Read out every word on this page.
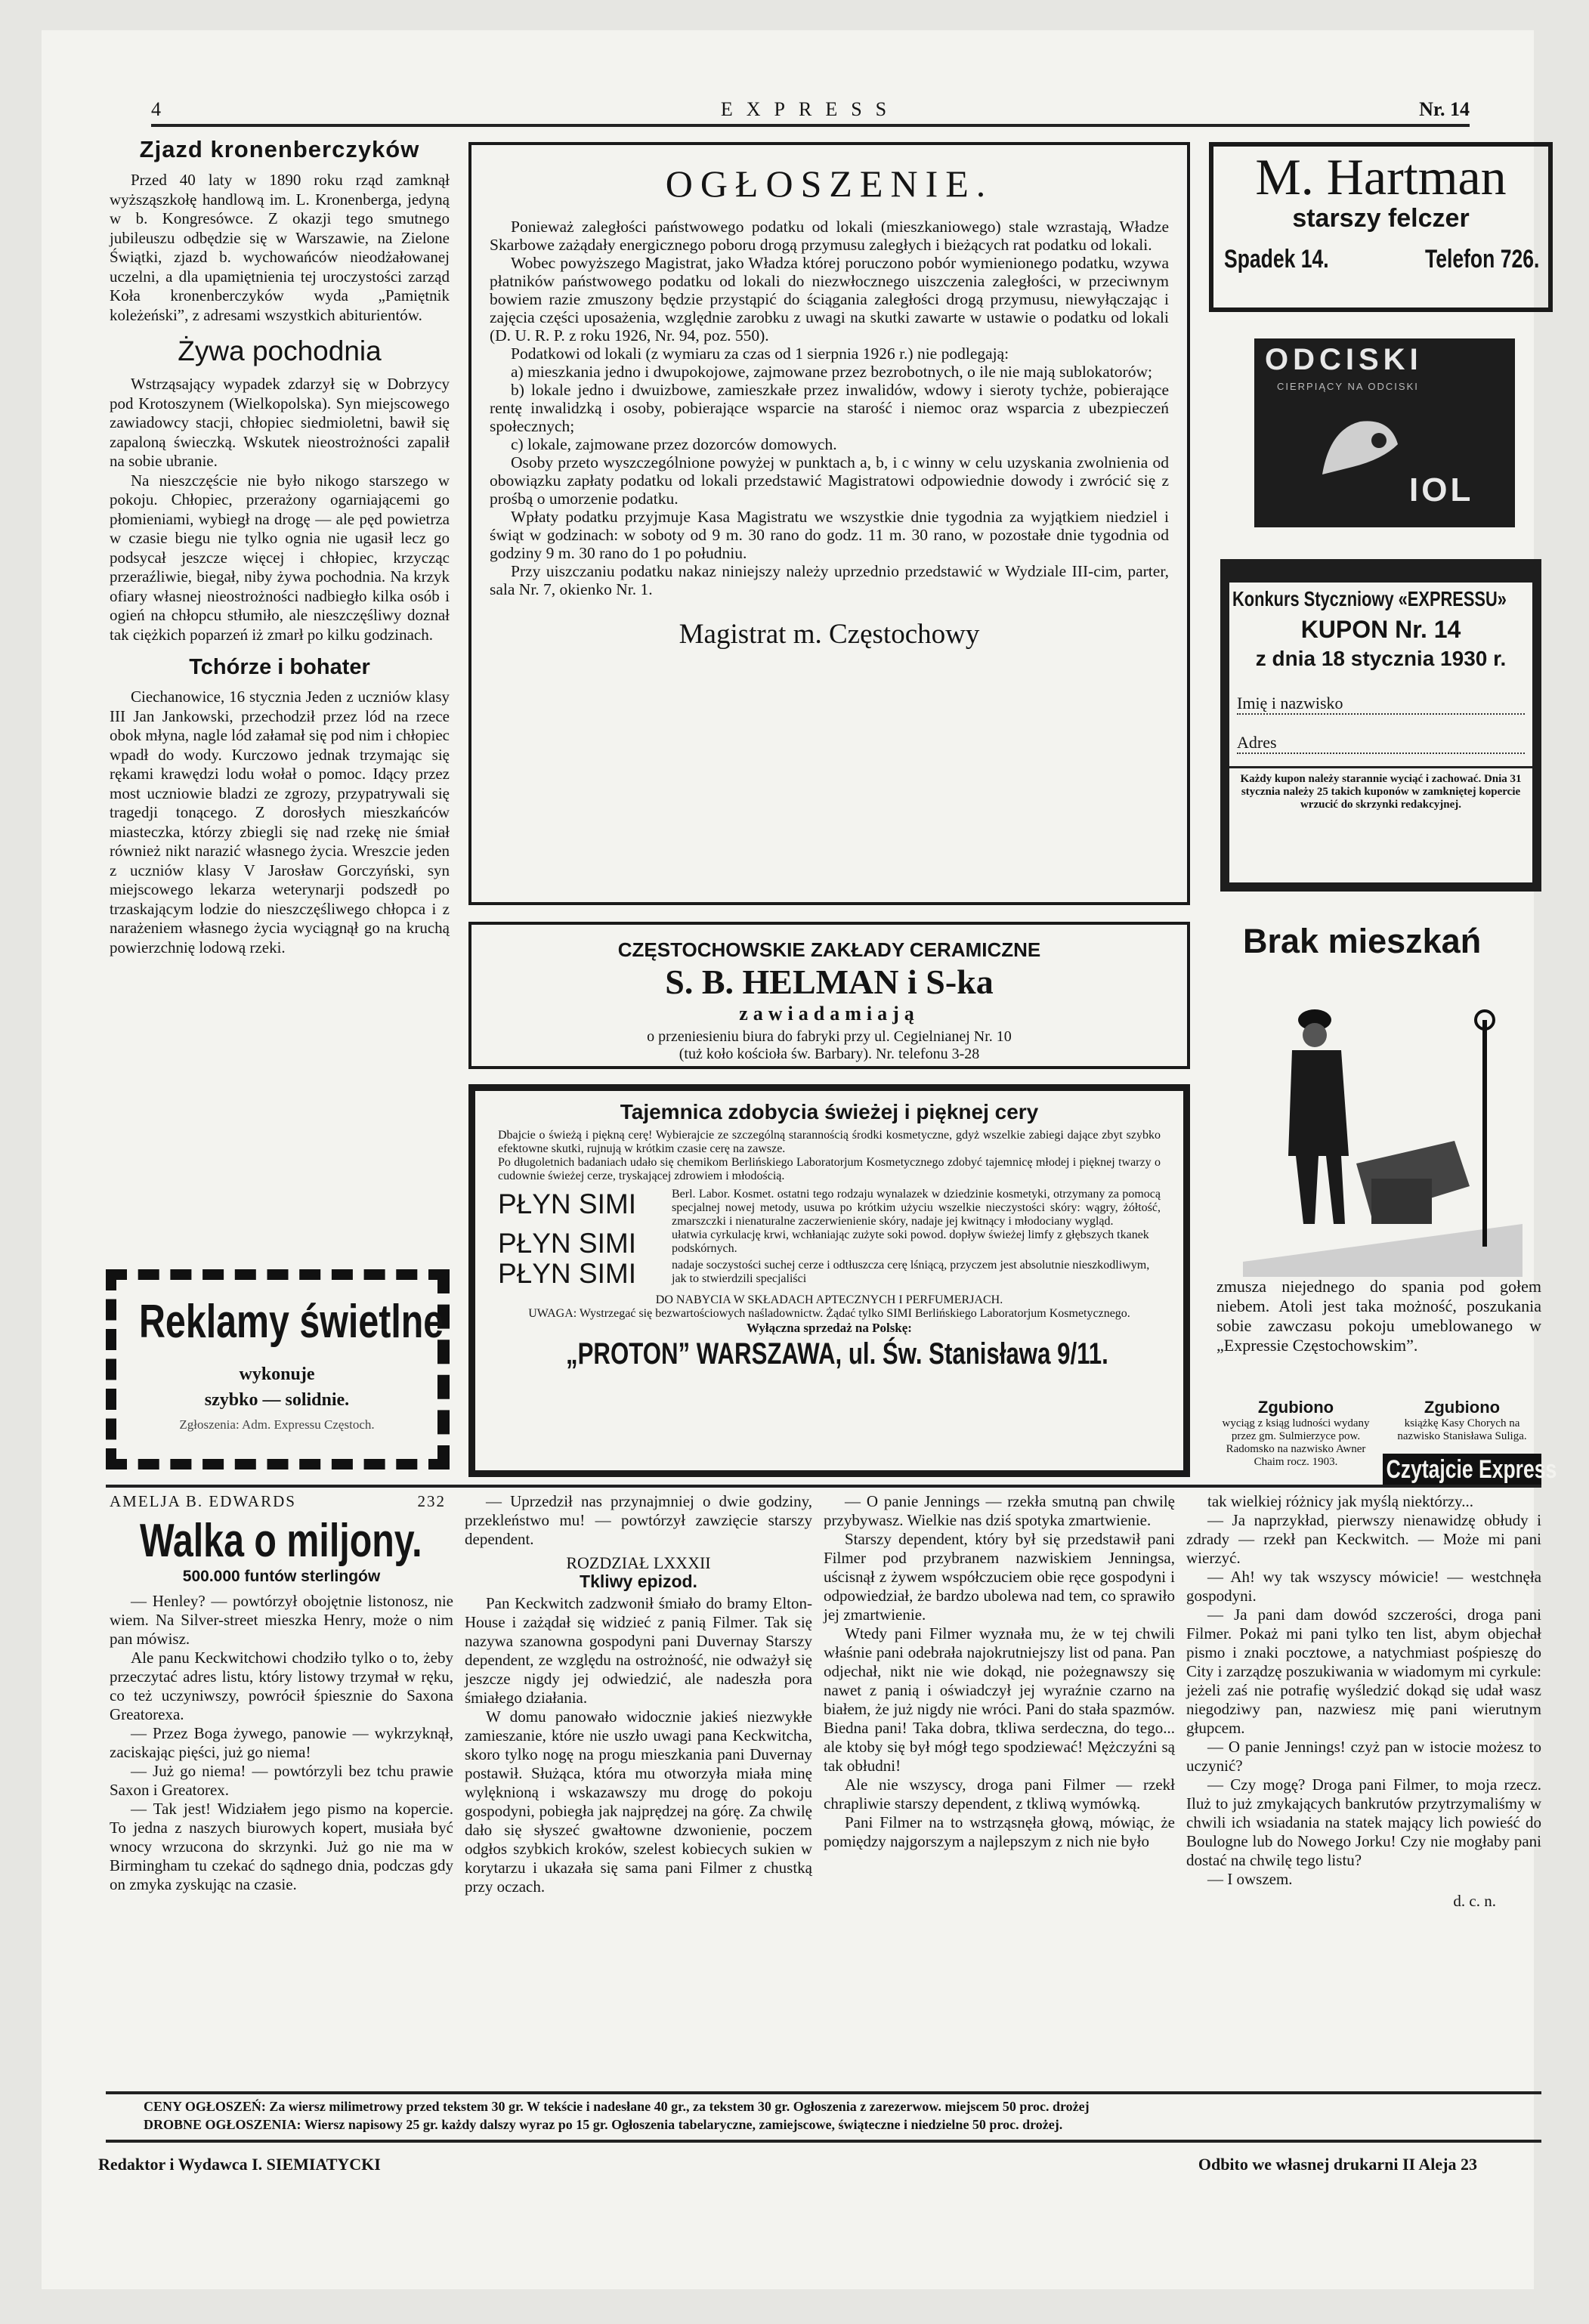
4	EXPRESS	Nr. 14
Zjazd kronenberczyków

Przed 40 laty w 1890 roku rząd zamknął wyższąszkołę handlową im. L. Kronenberga, jedyną w b. Kongresówce. Z okazji tego smutnego jubileuszu odbędzie się w Warszawie, na Zielone Świątki, zjazd b. wychowańców nieodżałowanej uczelni, a dla upamiętnienia tej uroczystości zarząd Koła kronenberczyków wyda „Pamiętnik koleżeński”, z adresami wszystkich abiturientów.

Żywa pochodnia

Wstrząsający wypadek zdarzył się w Dobrzycy pod Krotoszynem (Wielkopolska). Syn miejscowego zawiadowcy stacji, chłopiec siedmioletni, bawił się zapaloną świeczką. Wskutek nieostrożności zapalił na sobie ubranie.

Na nieszczęście nie było nikogo starszego w pokoju. Chłopiec, przerażony ogarniającemi go płomieniami, wybiegł na drogę — ale pęd powietrza w czasie biegu nie tylko ognia nie ugasił lecz go podsycał jeszcze więcej i chłopiec, krzycząc przeraźliwie, biegał, niby żywa pochodnia. Na krzyk ofiary własnej nieostrożności nadbiegło kilka osób i ogień na chłopcu stłumiło, ale nieszczęśliwy doznał tak ciężkich poparzeń iż zmarł po kilku godzinach.

Tchórze i bohater

Ciechanowice, 16 stycznia Jeden z uczniów klasy III Jan Jankowski, przechodził przez lód na rzece obok młyna, nagle lód załamał się pod nim i chłopiec wpadł do wody. Kurczowo jednak trzymając się rękami krawędzi lodu wołał o pomoc. Idący przez most uczniowie bladzi ze zgrozy, przypatrywali się tragedji tonącego. Z dorosłych mieszkańców miasteczka, którzy zbiegli się nad rzekę nie śmiał również nikt narazić własnego życia. Wreszcie jeden z uczniów klasy V Jarosław Gorczyński, syn miejscowego lekarza weterynarji podszedł po trzaskającym lodzie do nieszczęśliwego chłopca i z narażeniem własnego życia wyciągnął go na kruchą powierzchnię lodową rzeki.

Reklamy świetlne
wykonuje
szybko — solidnie.
Zgłoszenia: Adm. Expressu Częstoch.
OGŁOSZENIE.

Ponieważ zaległości państwowego podatku od lokali (mieszkaniowego) stale wzrastają, Władze Skarbowe zażądały energicznego poboru drogą przymusu zaległych i bieżących rat podatku od lokali.

Wobec powyższego Magistrat, jako Władza której poruczono pobór wymienionego podatku, wzywa płatników państwowego podatku od lokali do niezwłocznego uiszczenia zaległości, w przeciwnym bowiem razie zmuszony będzie przystąpić do ściągania zaległości drogą przymusu, niewyłączając i zajęcia części uposażenia, względnie zarobku z uwagi na skutki zawarte w ustawie o podatku od lokali (D. U. R. P. z roku 1926, Nr. 94, poz. 550).

Podatkowi od lokali (z wymiaru za czas od 1 sierpnia 1926 r.) nie podlegają:

a) mieszkania jedno i dwupokojowe, zajmowane przez bezrobotnych, o ile nie mają sublokatorów;

b) lokale jedno i dwuizbowe, zamieszkałe przez inwalidów, wdowy i sieroty tychże, pobierające rentę inwalidzką i osoby, pobierające wsparcie na starość i niemoc oraz wsparcia z ubezpieczeń społecznych;

c) lokale, zajmowane przez dozorców domowych.

Osoby przeto wyszczególnione powyżej w punktach a, b, i c winny w celu uzyskania zwolnienia od obowiązku zapłaty podatku od lokali przedstawić Magistratowi odpowiednie dowody i zwrócić się z prośbą o umorzenie podatku.

Wpłaty podatku przyjmuje Kasa Magistratu we wszystkie dnie tygodnia za wyjątkiem niedziel i świąt w godzinach: w soboty od 9 m. 30 rano do godz. 11 m. 30 rano, w pozostałe dnie tygodnia od godziny 9 m. 30 rano do 1 po południu.

Przy uiszczaniu podatku nakaz niniejszy należy uprzednio przedstawić w Wydziale III-cim, parter, sala Nr. 7, okienko Nr. 1.

Magistrat m. Częstochowy
CZĘSTOCHOWSKIE ZAKŁADY CERAMICZNE
S. B. HELMAN i S-ka
zawiadamiają
o przeniesieniu biura do fabryki przy ul. Cegielnianej Nr. 10
(tuż koło kościoła św. Barbary). Nr. telefonu 3-28
Tajemnica zdobycia świeżej i pięknej cery

Dbajcie o świeżą i piękną cerę! Wybierajcie ze szczególną starannością środki kosmetyczne, gdyż wszelkie zabiegi dające zbyt szybko efektowne skutki, rujnują w krótkim czasie cerę na zawsze.

Po długoletnich badaniach udało się chemikom Berlińskiego Laboratorjum Kosmetycznego zdobyć tajemnicę młodej i pięknej twarzy o cudownie świeżej cerze, tryskającej zdrowiem i młodością.

PŁYN SIMI	Berl. Labor. Kosmet. ostatni tego rodzaju wynalazek w dziedzinie kosmetyki, otrzymany za pomocą specjalnej nowej metody, usuwa po krótkim użyciu wszelkie nieczystości skóry: wągry, żółtość, zmarszczki i nienaturalne zaczerwienienie skóry, nadaje jej kwitnący i młodociany wygląd.

PŁYN SIMI	ułatwia cyrkulację krwi, wchłaniając zużyte soki powod. dopływ świeżej limfy z głębszych tkanek podskórnych.

PŁYN SIMI	nadaje soczystości suchej cerze i odtłuszcza cerę lśniącą, przyczem jest absolutnie nieszkodliwym, jak to stwierdzili specjaliści

DO NABYCIA W SKŁADACH APTECZNYCH I PERFUMERJACH.
UWAGA: Wystrzegać się bezwartościowych naśladownictw. Żądać tylko SIMI Berlińskiego Laboratorjum Kosmetycznego.
Wyłączna sprzedaż na Polskę:
„PROTON” WARSZAWA, ul. Św. Stanisława 9/11.
M. Hartman
starszy felczer
Spadek 14.	Telefon 726.
ODCISKI
CIERPIĄCY NA ODCISKI
IOL
Konkurs Styczniowy «EXPRESSU»
KUPON Nr. 14
z dnia 18 stycznia 1930 r.
Imię i nazwisko
Adres

Każdy kupon należy starannie wyciąć i zachować. Dnia 31 stycznia należy 25 takich kuponów w zamkniętej kopercie wrzucić do skrzynki redakcyjnej.

Brak mieszkań

zmusza niejednego do spania pod gołem niebem. Atoli jest taka możność, poszukania sobie zawczasu pokoju umeblowanego w „Expressie Częstochowskim”.

Zgubiono

wyciąg z ksiąg ludności wydany przez gm. Sulmierzyce pow. Radomsko na nazwisko Awner Chaim rocz. 1903.

Zgubiono

książkę Kasy Chorych na nazwisko Stanisława Suliga.

Czytajcie Express
AMELJA B. EDWARDS	232
Walka o miljony.
500.000 funtów sterlingów

— Henley? — powtórzył obojętnie listonosz, nie wiem. Na Silver-street mieszka Henry, może o nim pan mówisz.

Ale panu Keckwitchowi chodziło tylko o to, żeby przeczytać adres listu, który listowy trzymał w ręku, co też uczyniwszy, powrócił śpiesznie do Saxona Greatorexa.

— Przez Boga żywego, panowie — wykrzyknął, zaciskając pięści, już go niema!

— Już go niema! — powtórzyli bez tchu prawie Saxon i Greatorex.

— Tak jest! Widziałem jego pismo na kopercie. To jedna z naszych biurowych kopert, musiała być wnocy wrzucona do skrzynki. Już go nie ma w Birmingham tu czekać do sądnego dnia, podczas gdy on zmyka zyskując na czasie.

— Uprzedził nas przynajmniej o dwie godziny, przekleństwo mu! — powtórzył zawzięcie starszy dependent.

ROZDZIAŁ LXXXII
Tkliwy epizod.

Pan Keckwitch zadzwonił śmiało do bramy Elton-House i zażądał się widzieć z panią Filmer. Tak się nazywa szanowna gospodyni pani Duvernay Starszy dependent, ze względu na ostrożność, nie odważył się jeszcze nigdy jej odwiedzić, ale nadeszła pora śmiałego działania.

W domu panowało widocznie jakieś niezwykłe zamieszanie, które nie uszło uwagi pana Keckwitcha, skoro tylko nogę na progu mieszkania pani Duvernay postawił. Służąca, która mu otworzyła miała minę wylęknioną i wskazawszy mu drogę do pokoju gospodyni, pobiegła jak najprędzej na górę. Za chwilę dało się słyszeć gwałtowne dzwonienie, poczem odgłos szybkich kroków, szelest kobiecych sukien w korytarzu i ukazała się sama pani Filmer z chustką przy oczach.

— O panie Jennings — rzekła smutną pan chwilę przybywasz. Wielkie nas dziś spotyka zmartwienie.

Starszy dependent, który był się przedstawił pani Filmer pod przybranem nazwiskiem Jenningsa, uścisnął z żywem współczuciem obie ręce gospodyni i odpowiedział, że bardzo ubolewa nad tem, co sprawiło jej zmartwienie.

Wtedy pani Filmer wyznała mu, że w tej chwili właśnie pani odebrała najokrutniejszy list od pana. Pan odjechał, nikt nie wie dokąd, nie pożegnawszy się nawet z panią i oświadczył jej wyraźnie czarno na białem, że już nigdy nie wróci. Pani do stała spazmów. Biedna pani! Taka dobra, tkliwa serdeczna, do tego... ale ktoby się był mógł tego spodziewać! Mężczyźni są tak obłudni!

Ale nie wszyscy, droga pani Filmer — rzekł chrapliwie starszy dependent, z tkliwą wymówką.

Pani Filmer na to wstrząsnęła głową, mówiąc, że pomiędzy najgorszym a najlepszym z nich nie było

tak wielkiej różnicy jak myślą niektórzy...

— Ja naprzykład, pierwszy nienawidzę obłudy i zdrady — rzekł pan Keckwitch. — Może mi pani wierzyć.

— Ah! wy tak wszyscy mówicie! — westchnęła gospodyni.

— Ja pani dam dowód szczerości, droga pani Filmer. Pokaż mi pani tylko ten list, abym objechał pismo i znaki pocztowe, a natychmiast pośpieszę do City i zarządzę poszukiwania w wiadomym mi cyrkule: jeżeli zaś nie potrafię wyśledzić dokąd się udał wasz niegodziwy pan, nazwiesz mię pani wierutnym głupcem.

— O panie Jennings! czyż pan w istocie możesz to uczynić?

— Czy mogę? Droga pani Filmer, to moja rzecz. Iluż to już zmykających bankrutów przytrzymaliśmy w chwili ich wsiadania na statek mający lich powieść do Boulogne lub do Nowego Jorku! Czy nie mogłaby pani dostać na chwilę tego listu?

— I owszem.

d. c. n.
CENY OGŁOSZEŃ: Za wiersz milimetrowy przed tekstem 30 gr. W tekście i nadesłane 40 gr., za tekstem 30 gr. Ogłoszenia z zarezerwow. miejscem 50 proc. drożej
DROBNE OGŁOSZENIA: Wiersz napisowy 25 gr. każdy dalszy wyraz po 15 gr. Ogłoszenia tabelaryczne, zamiejscowe, świąteczne i niedzielne 50 proc. drożej.
Redaktor i Wydawca I. SIEMIATYCKI	Odbito we własnej drukarni II Aleja 23
